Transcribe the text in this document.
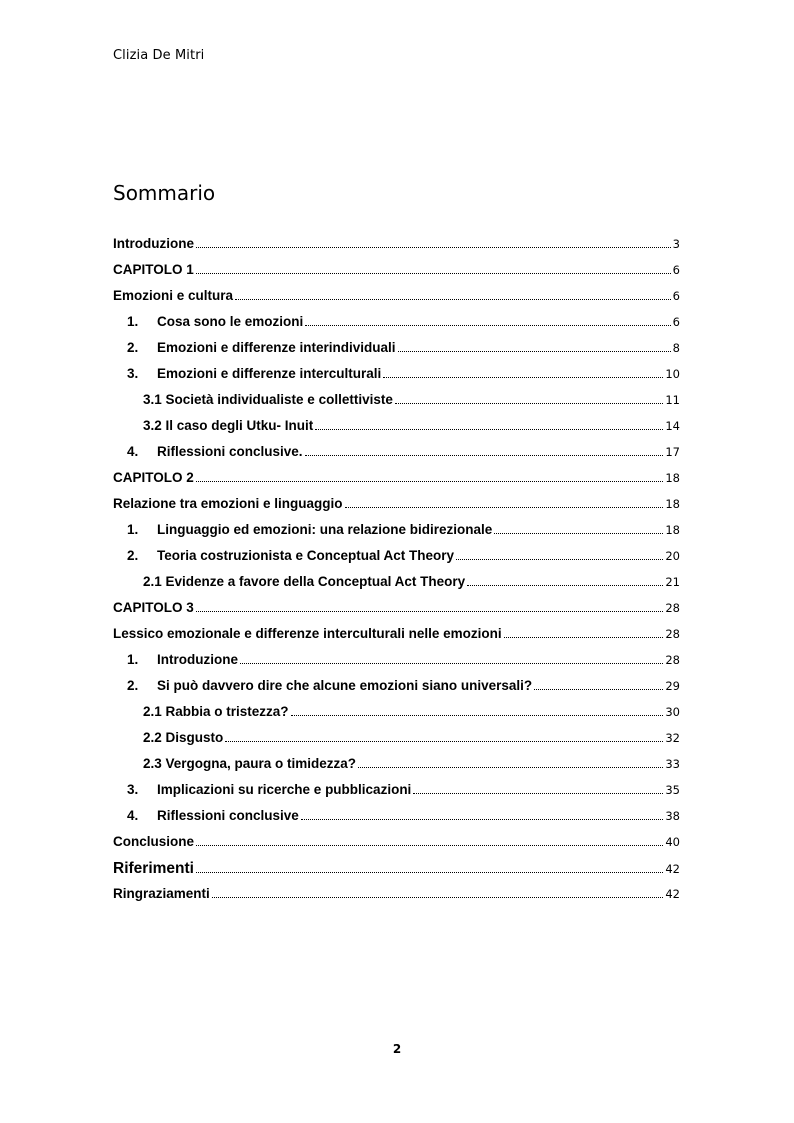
Clizia De Mitri
Sommario
Introduzione	3
CAPITOLO 1	6
Emozioni e cultura	6
1.	Cosa sono le emozioni	6
2.	Emozioni e differenze interindividuali	8
3.	Emozioni e differenze interculturali	10
3.1 Società individualiste e collettiviste	11
3.2 Il caso degli Utku- Inuit	14
4.	Riflessioni conclusive.	17
CAPITOLO 2	18
Relazione tra emozioni e linguaggio	18
1.	Linguaggio ed emozioni: una relazione bidirezionale	18
2.	Teoria costruzionista e Conceptual Act Theory	20
2.1 Evidenze a favore della Conceptual Act Theory	21
CAPITOLO 3	28
Lessico emozionale e differenze interculturali nelle emozioni	28
1.	Introduzione	28
2.	Si può davvero dire che alcune emozioni siano universali?	29
2.1 Rabbia o tristezza?	30
2.2 Disgusto	32
2.3 Vergogna, paura o timidezza?	33
3.	Implicazioni su ricerche e pubblicazioni	35
4.	Riflessioni conclusive	38
Conclusione	40
Riferimenti	42
Ringraziamenti	42
2
